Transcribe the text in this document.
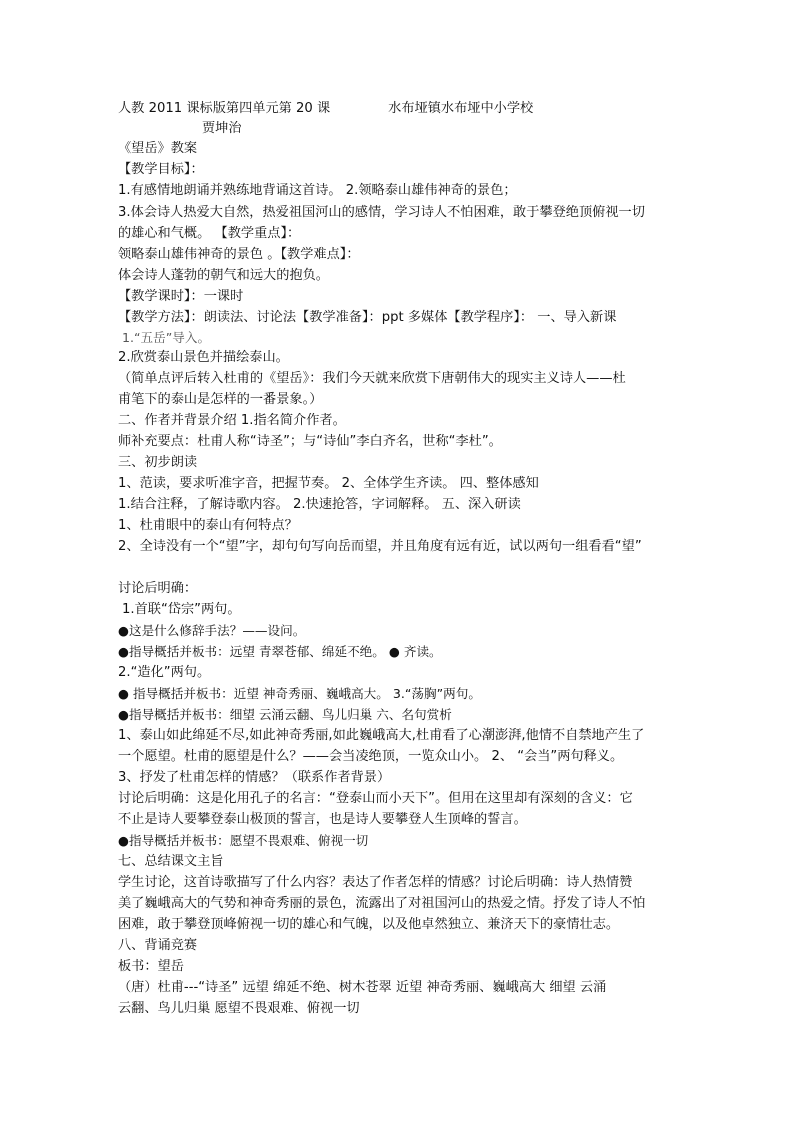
人教 2011 课标版第四单元第 20 课	水布垭镇水布垭中小学校
贾坤治
《望岳》教案
【教学目标】：
1.有感情地朗诵并熟练地背诵这首诗。 2.领略泰山雄伟神奇的景色；
3.体会诗人热爱大自然，热爱祖国河山的感情，学习诗人不怕困难，敢于攀登绝顶俯视一切
的雄心和气概。 【教学重点】：
领略泰山雄伟神奇的景色 。【教学难点】：
体会诗人蓬勃的朝气和远大的抱负。
【教学课时】：一课时
【教学方法】：朗读法、讨论法【教学准备】：ppt 多媒体【教学程序】： 一、导入新课
1.“五岳”导入。
2.欣赏泰山景色并描绘泰山。
（简单点评后转入杜甫的《望岳》：我们今天就来欣赏下唐朝伟大的现实主义诗人——杜
甫笔下的泰山是怎样的一番景象。）
二、作者并背景介绍 1.指名简介作者。
师补充要点：杜甫人称“诗圣”；与“诗仙”李白齐名，世称“李杜”。
三、初步朗读
1、范读，要求听准字音，把握节奏。 2、全体学生齐读。 四、整体感知
1.结合注释，了解诗歌内容。 2.快速抢答，字词解释。 五、深入研读
1、杜甫眼中的泰山有何特点？
2、全诗没有一个“望”字，却句句写向岳而望，并且角度有远有近，试以两句一组看看“望”
讨论后明确：
1.首联“岱宗”两句。
●这是什么修辞手法？——设问。
●指导概括并板书：远望 青翠苍郁、绵延不绝。 ● 齐读。
2.“造化”两句。
● 指导概括并板书：近望 神奇秀丽、巍峨高大。 3.“荡胸”两句。
●指导概括并板书：细望 云涌云翻、鸟儿归巢 六、名句赏析
1、泰山如此绵延不尽,如此神奇秀丽,如此巍峨高大,杜甫看了心潮澎湃,他情不自禁地产生了
一个愿望。杜甫的愿望是什么？——会当凌绝顶，一览众山小。 2、 “会当”两句释义。
3、抒发了杜甫怎样的情感？（联系作者背景）
讨论后明确：这是化用孔子的名言：“登泰山而小天下”。但用在这里却有深刻的含义：它
不止是诗人要攀登泰山极顶的誓言，也是诗人要攀登人生顶峰的誓言。
●指导概括并板书：愿望不畏艰难、俯视一切
七、总结课文主旨
学生讨论，这首诗歌描写了什么内容？表达了作者怎样的情感？讨论后明确：诗人热情赞
美了巍峨高大的气势和神奇秀丽的景色，流露出了对祖国河山的热爱之情。抒发了诗人不怕
困难，敢于攀登顶峰俯视一切的雄心和气魄，以及他卓然独立、兼济天下的豪情壮志。
八、背诵竞赛
板书：望岳
（唐）杜甫---“诗圣” 远望 绵延不绝、树木苍翠 近望 神奇秀丽、巍峨高大 细望 云涌
云翻、鸟儿归巢 愿望不畏艰难、俯视一切
